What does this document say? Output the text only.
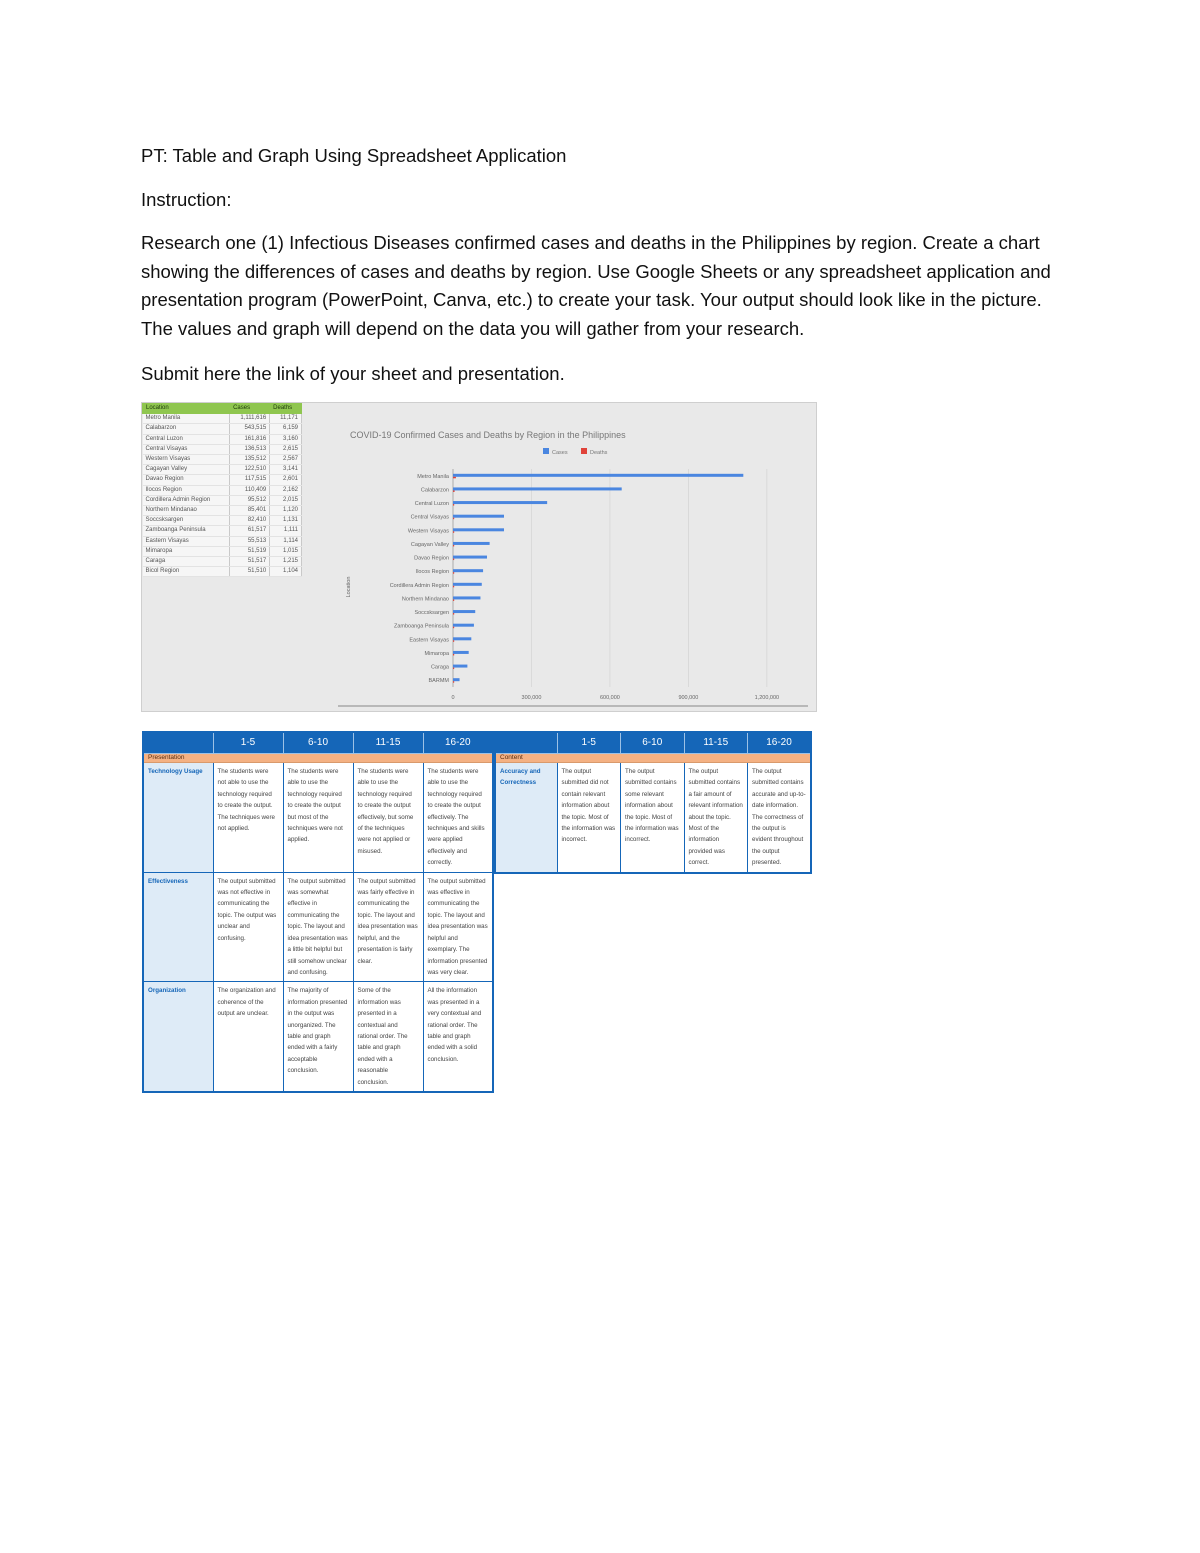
PT: Table and Graph Using Spreadsheet Application
Instruction:
Research one (1) Infectious Diseases confirmed cases and deaths in the Philippines by region. Create a chart showing the differences of cases and deaths by region. Use Google Sheets or any spreadsheet application and presentation program (PowerPoint, Canva, etc.) to create your task. Your output should look like in the picture. The values and graph will depend on the data you will gather from your research.
Submit here the link of your sheet and presentation.
Location	Cases	Deaths
Metro Manila	1,111,616	11,171
Calabarzon	543,515	6,159
Central Luzon	161,816	3,160
Central Visayas	136,513	2,615
Western Visayas	135,512	2,567
Cagayan Valley	122,510	3,141
Davao Region	117,515	2,601
Ilocos Region	110,409	2,162
Cordillera Admin Region	95,512	2,015
Northern Mindanao	85,401	1,120
Soccsksargen	82,410	1,131
Zamboanga Peninsula	61,517	1,111
Eastern Visayas	55,513	1,114
Mimaropa	51,519	1,015
Caraga	51,517	1,215
Bicol Region	51,510	1,104
COVID-19 Confirmed Cases and Deaths by Region in the Philippines
Cases	Deaths
0	300,000	600,000	900,000	1,200,000
Location
Metro Manila
Calabarzon
Central Luzon
Central Visayas
Western Visayas
Cagayan Valley
Davao Region
Ilocos Region
Cordillera Admin Region
Northern Mindanao
Soccsksargen
Zamboanga Peninsula
Eastern Visayas
Mimaropa
Caraga
BARMM
	1-5	6-10	11-15	16-20
Presentation				
Technology Usage	The students were not able to use the technology required to create the output. The techniques were not applied.	The students were able to use the technology required to create the output but most of the techniques were not applied.	The students were able to use the technology required to create the output effectively, but some of the techniques were not applied or misused.	The students were able to use the technology required to create the output effectively. The techniques and skills were applied effectively and correctly.
Effectiveness	The output submitted was not effective in communicating the topic. The output was unclear and confusing.	The output submitted was somewhat effective in communicating the topic. The layout and idea presentation was a little bit helpful but still somehow unclear and confusing.	The output submitted was fairly effective in communicating the topic. The layout and idea presentation was helpful, and the presentation is fairly clear.	The output submitted was effective in communicating the topic. The layout and idea presentation was helpful and exemplary. The information presented was very clear.
Organization	The organization and coherence of the output are unclear.	The majority of information presented in the output was unorganized. The table and graph ended with a fairly acceptable conclusion.	Some of the information was presented in a contextual and rational order. The table and graph ended with a reasonable conclusion.	All the information was presented in a very contextual and rational order. The table and graph ended with a solid conclusion.
	1-5	6-10	11-15	16-20
Content				
Accuracy and Correctness	The output submitted did not contain relevant information about the topic. Most of the information was incorrect.	The output submitted contains some relevant information about the topic. Most of the information was incorrect.	The output submitted contains a fair amount of relevant information about the topic. Most of the information provided was correct.	The output submitted contains accurate and up-to-date information. The correctness of the output is evident throughout the output presented.
